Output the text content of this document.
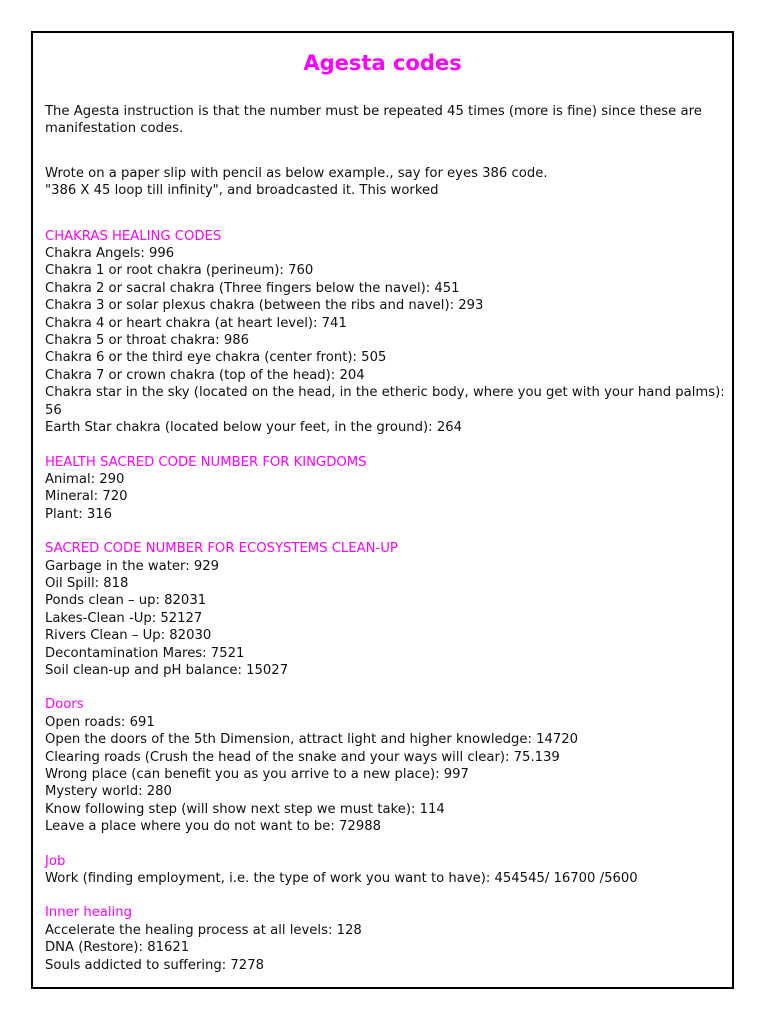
Agesta codes

The Agesta instruction is that the number must be repeated 45 times (more is fine) since these are manifestation codes.

Wrote on a paper slip with pencil as below example., say for eyes 386 code.

"386 X 45 loop till infinity", and broadcasted it. This worked

CHAKRAS HEALING CODES

Chakra Angels: 996
Chakra 1 or root chakra (perineum): 760
Chakra 2 or sacral chakra (Three fingers below the navel): 451
Chakra 3 or solar plexus chakra (between the ribs and navel): 293
Chakra 4 or heart chakra (at heart level): 741
Chakra 5 or throat chakra: 986
Chakra 6 or the third eye chakra (center front): 505
Chakra 7 or crown chakra (top of the head): 204
Chakra star in the sky (located on the head, in the etheric body, where you get with your hand palms): 56
Earth Star chakra (located below your feet, in the ground): 264

HEALTH SACRED CODE NUMBER FOR KINGDOMS

Animal: 290
Mineral: 720
Plant: 316

SACRED CODE NUMBER FOR ECOSYSTEMS CLEAN-UP

Garbage in the water: 929
Oil Spill: 818
Ponds clean – up: 82031
Lakes-Clean -Up: 52127
Rivers Clean – Up: 82030
Decontamination Mares: 7521
Soil clean-up and pH balance: 15027

Doors

Open roads: 691
Open the doors of the 5th Dimension, attract light and higher knowledge: 14720
Clearing roads (Crush the head of the snake and your ways will clear): 75.139
Wrong place (can benefit you as you arrive to a new place): 997
Mystery world: 280
Know following step (will show next step we must take): 114
Leave a place where you do not want to be: 72988

Job

Work (finding employment, i.e. the type of work you want to have): 454545/ 16700 /5600

Inner healing

Accelerate the healing process at all levels: 128
DNA (Restore): 81621
Souls addicted to suffering: 7278
